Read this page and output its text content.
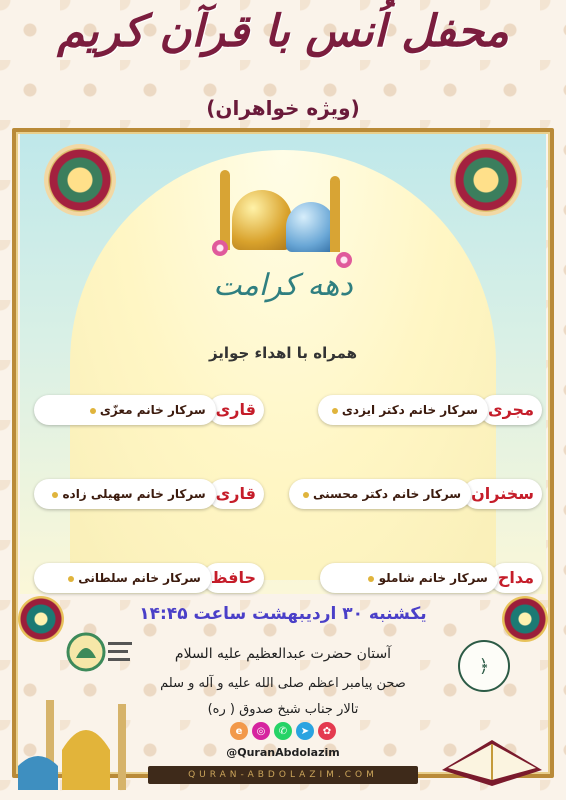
محفل اُنس با قرآن کریم
(ویژه خواهران)
دهه کرامت
همراه با اهداء جوایز
مجری
سرکار خانم دکتر ایزدی
قاری
سرکار خانم معزّی
سخنران
سرکار خانم دکتر محسنی
قاری
سرکار خانم سهیلی زاده
مداح
سرکار خانم شاملو
حافظ
سرکار خانم سلطانی
یکشنبه ۳۰ اردیبهشت ساعت ۱۴:۴۵
آستان حضرت عبدالعظیم علیه السلام
صحن پیامبر اعظم صلی الله علیه و آله و سلم
تالار جناب شیخ صدوق ( ره)
e	◎	✆	➤	✿
@QuranAbdolazim
QURAN-ABDOLAZIM.COM
﴿
